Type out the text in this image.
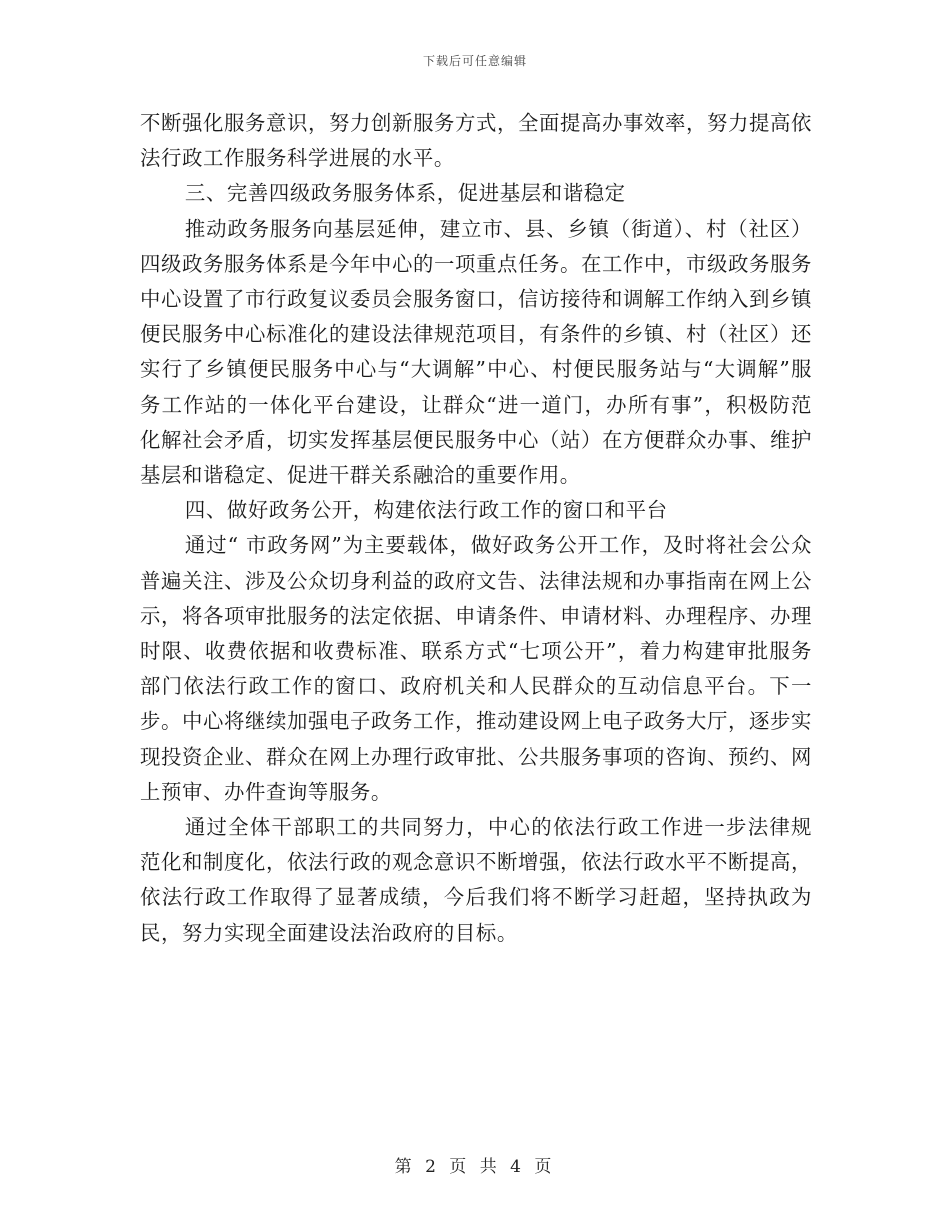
下载后可任意编辑

不断强化服务意识，努力创新服务方式，全面提高办事效率，努力提高依法行政工作服务科学进展的水平。

三、完善四级政务服务体系，促进基层和谐稳定

推动政务服务向基层延伸，建立市、县、乡镇（街道）、村（社区）四级政务服务体系是今年中心的一项重点任务。在工作中，市级政务服务中心设置了市行政复议委员会服务窗口，信访接待和调解工作纳入到乡镇便民服务中心标准化的建设法律规范项目，有条件的乡镇、村（社区）还实行了乡镇便民服务中心与“大调解”中心、村便民服务站与“大调解”服务工作站的一体化平台建设，让群众“进一道门，办所有事”，积极防范化解社会矛盾，切实发挥基层便民服务中心（站）在方便群众办事、维护基层和谐稳定、促进干群关系融洽的重要作用。

四、做好政务公开，构建依法行政工作的窗口和平台

通过“ 市政务网”为主要载体，做好政务公开工作，及时将社会公众普遍关注、涉及公众切身利益的政府文告、法律法规和办事指南在网上公示，将各项审批服务的法定依据、申请条件、申请材料、办理程序、办理时限、收费依据和收费标准、联系方式“七项公开”，着力构建审批服务部门依法行政工作的窗口、政府机关和人民群众的互动信息平台。下一步。中心将继续加强电子政务工作，推动建设网上电子政务大厅，逐步实现投资企业、群众在网上办理行政审批、公共服务事项的咨询、预约、网上预审、办件查询等服务。

通过全体干部职工的共同努力，中心的依法行政工作进一步法律规范化和制度化，依法行政的观念意识不断增强，依法行政水平不断提高，依法行政工作取得了显著成绩，今后我们将不断学习赶超，坚持执政为民，努力实现全面建设法治政府的目标。

第 2 页 共 4 页
